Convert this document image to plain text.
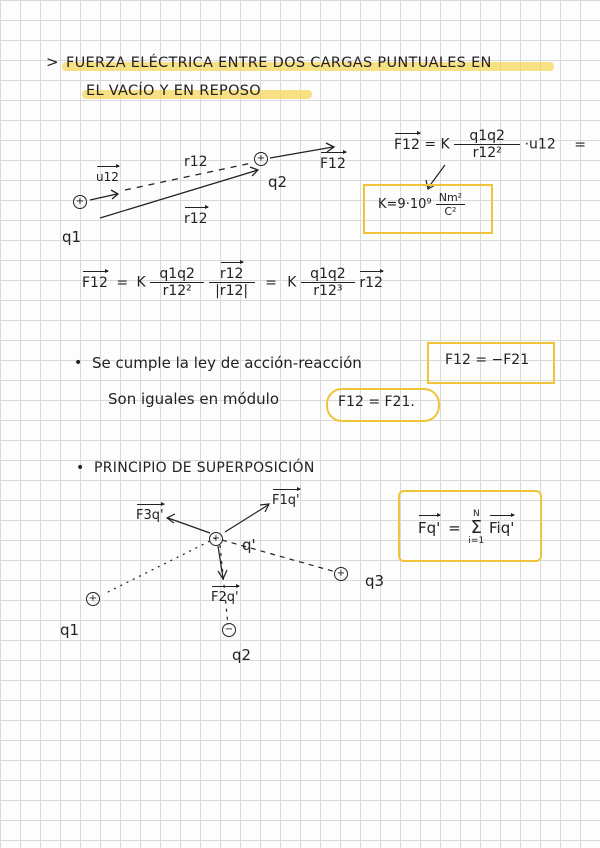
> FUERZA ELÉCTRICA ENTRE DOS CARGAS PUNTUALES EN
EL VACÍO Y EN REPOSO
+
+
q1
q2
u12
r12
r12
F12
F12 = K $\frac{q1q2}{\text{r12²}} \cdot u12$ =
$K=9\cdot 10^9 \frac{\text{Nm²}}{\text{C²}}$
F12 = K $\frac{q1q2}{\text{r12²}}$
$\frac{r12}{|r12|} = K \frac{q1q2}{\text{r12³}} r12$
• Se cumple la ley de acción-reacción	F12 = −F21
Son iguales en módulo	F12 = F21.
• PRINCIPIO DE SUPERPOSICIÓN
+
+
−
+
q'
q1
q2
q3
F3q'
F1q'
F2q'
Fq' =
N
Σ
i=1
Fiq'
